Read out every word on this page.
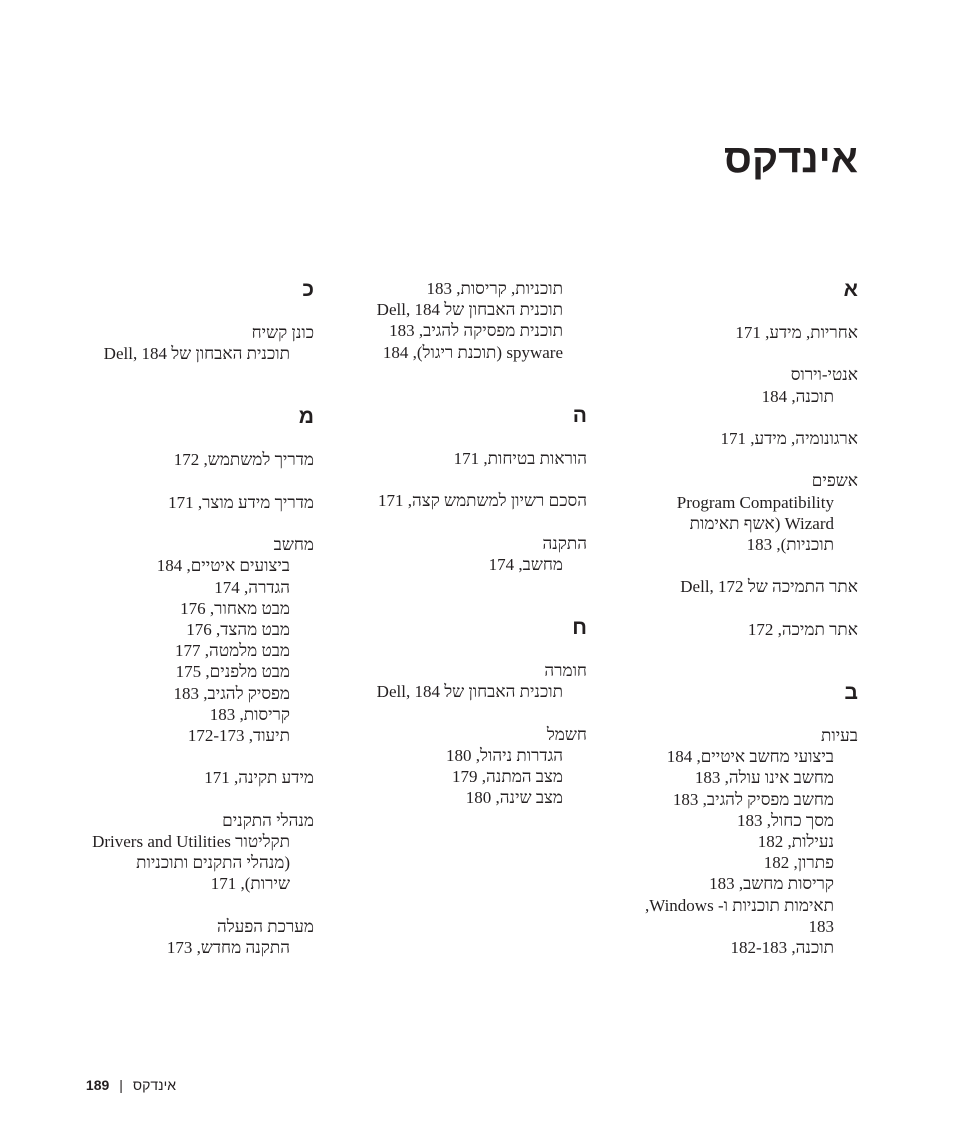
אינדקס
א
אחריות, מידע, 171
אנטי-וירוס
תוכנה, 184
ארגונומיה, מידע, 171
אשפים
Program Compatibility
Wizard (אשף תאימות
תוכניות), 183
אתר התמיכה של Dell, 172
אתר תמיכה, 172
ב
בעיות
ביצועי מחשב איטיים, 184
מחשב אינו עולה, 183
מחשב מפסיק להגיב, 183
מסך כחול, 183
נעילות, 182
פתרון, 182
קריסות מחשב, 183
תאימות תוכניות ו- Windows,
183
תוכנה, 182-183
תוכניות, קריסות, 183
תוכנית האבחון של Dell, 184
תוכנית מפסיקה להגיב, 183
spyware (תוכנת ריגול), 184
ה
הוראות בטיחות, 171
הסכם רשיון למשתמש קצה, 171
התקנה
מחשב, 174
ח
חומרה
תוכנית האבחון של Dell, 184
חשמל
הגדרות ניהול, 180
מצב המתנה, 179
מצב שינה, 180
כ
כונן קשיח
תוכנית האבחון של Dell, 184
מ
מדריך למשתמש, 172
מדריך מידע מוצר, 171
מחשב
ביצועים איטיים, 184
הגדרה, 174
מבט מאחור, 176
מבט מהצד, 176
מבט מלמטה, 177
מבט מלפנים, 175
מפסיק להגיב, 183
קריסות, 183
תיעוד, 172-173
מידע תקינה, 171
מנהלי התקנים
תקליטור Drivers and Utilities
(מנהלי התקנים ותוכניות
שירות), 171
מערכת הפעלה
התקנה מחדש, 173
אינדקס|189
